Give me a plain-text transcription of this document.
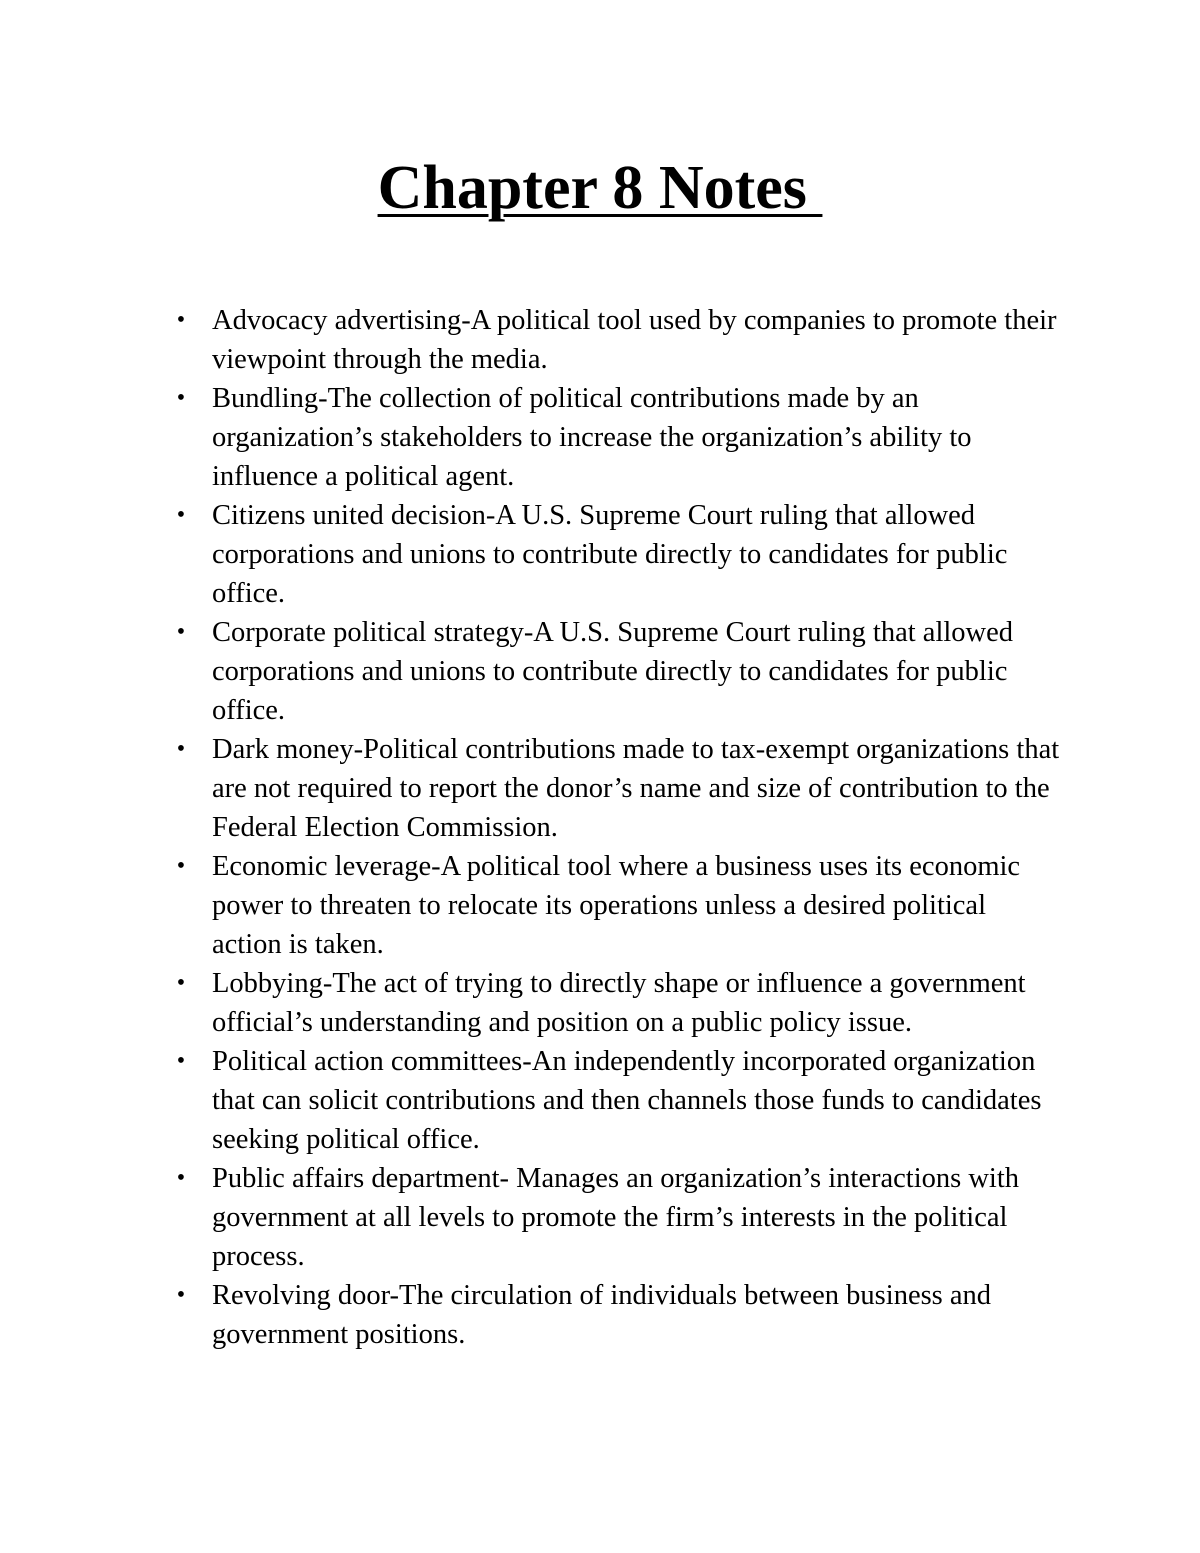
Chapter 8 Notes
• Advocacy advertising-A political tool used by companies to promote their viewpoint through the media.
• Bundling-The collection of political contributions made by an organization’s stakeholders to increase the organization’s ability to influence a political agent.
• Citizens united decision-A U.S. Supreme Court ruling that allowed corporations and unions to contribute directly to candidates for public office.
• Corporate political strategy-A U.S. Supreme Court ruling that allowed corporations and unions to contribute directly to candidates for public office.
• Dark money-Political contributions made to tax-exempt organizations that are not required to report the donor’s name and size of contribution to the Federal Election Commission.
• Economic leverage-A political tool where a business uses its economic power to threaten to relocate its operations unless a desired political action is taken.
• Lobbying-The act of trying to directly shape or influence a government official’s understanding and position on a public policy issue.
• Political action committees-An independently incorporated organization that can solicit contributions and then channels those funds to candidates seeking political office.
• Public affairs department- Manages an organization’s interactions with government at all levels to promote the firm’s interests in the political process.
• Revolving door-The circulation of individuals between business and government positions.
